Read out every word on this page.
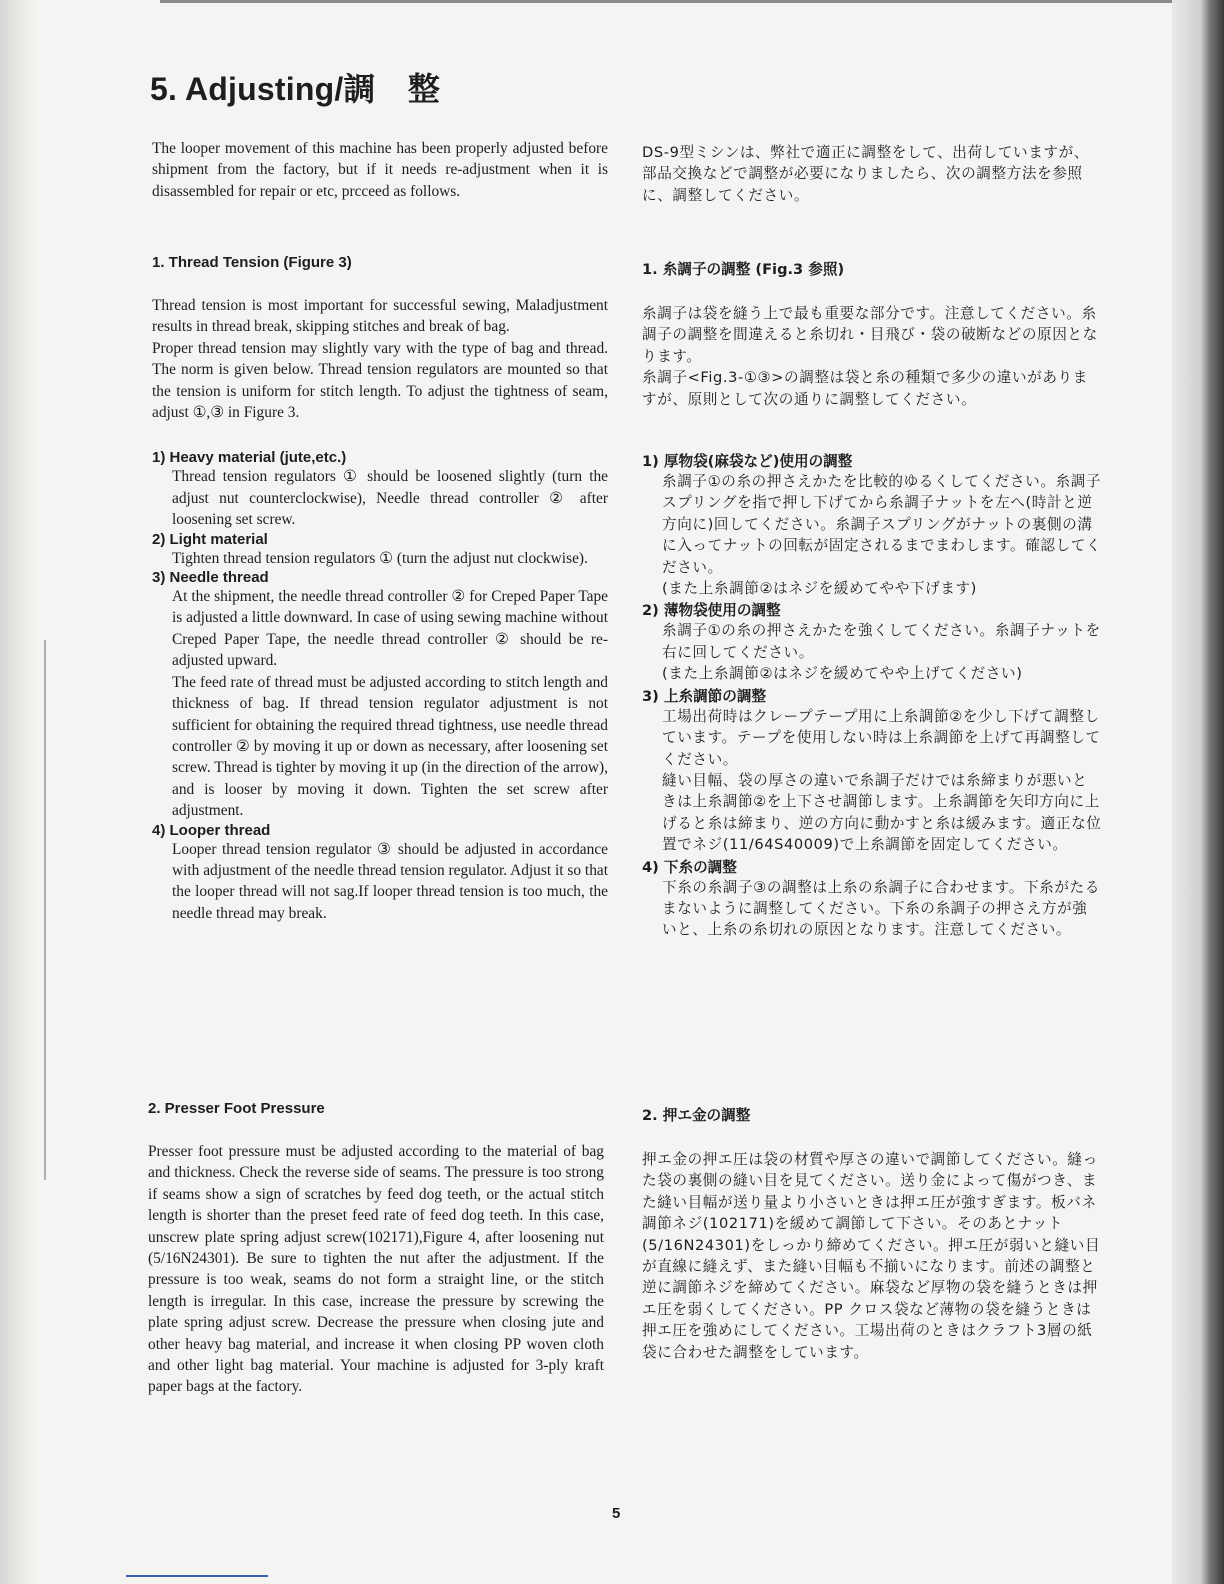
5. Adjusting/調　整

The looper movement of this machine has been properly adjusted before shipment from the factory, but if it needs re-adjustment when it is disassembled for repair or etc, prcceed as follows.

1. Thread Tension (Figure 3)

Thread tension is most important for successful sewing, Maladjustment results in thread break, skipping stitches and break of bag.

Proper thread tension may slightly vary with the type of bag and thread. The norm is given below. Thread tension regulators are mounted so that the tension is uniform for stitch length. To adjust the tightness of seam, adjust ①,③ in Figure 3.

1) Heavy material (jute,etc.)

Thread tension regulators ① should be loosened slightly (turn the adjust nut counterclockwise), Needle thread controller ② after loosening set screw.

2) Light material

Tighten thread tension regulators ① (turn the adjust nut clockwise).

3) Needle thread

At the shipment, the needle thread controller ② for Creped Paper Tape is adjusted a little downward. In case of using sewing machine without Creped Paper Tape, the needle thread controller ② should be re-adjusted upward.

The feed rate of thread must be adjusted according to stitch length and thickness of bag. If thread tension regulator adjustment is not sufficient for obtaining the required thread tightness, use needle thread controller ② by moving it up or down as necessary, after loosening set screw. Thread is tighter by moving it up (in the direction of the arrow), and is looser by moving it down. Tighten the set screw after adjustment.

4) Looper thread

Looper thread tension regulator ③ should be adjusted in accordance with adjustment of the needle thread tension regulator. Adjust it so that the looper thread will not sag.If looper thread tension is too much, the needle thread may break.

2. Presser Foot Pressure

Presser foot pressure must be adjusted according to the material of bag and thickness. Check the reverse side of seams. The pressure is too strong if seams show a sign of scratches by feed dog teeth, or the actual stitch length is shorter than the preset feed rate of feed dog teeth. In this case, unscrew plate spring adjust screw(102171),Figure 4, after loosening nut (5/16N24301). Be sure to tighten the nut after the adjustment. If the pressure is too weak, seams do not form a straight line, or the stitch length is irregular. In this case, increase the pressure by screwing the plate spring adjust screw. Decrease the pressure when closing jute and other heavy bag material, and increase it when closing PP woven cloth and other light bag material. Your machine is adjusted for 3-ply kraft paper bags at the factory.

DS-9型ミシンは、弊社で適正に調整をして、出荷していますが、部品交換などで調整が必要になりましたら、次の調整方法を参照に、調整してください。

1. 糸調子の調整 (Fig.3 参照)

糸調子は袋を縫う上で最も重要な部分です。注意してください。糸調子の調整を間違えると糸切れ・目飛び・袋の破断などの原因となります。

糸調子<Fig.3-①③>の調整は袋と糸の種類で多少の違いがありますが、原則として次の通りに調整してください。

1) 厚物袋(麻袋など)使用の調整

糸調子①の糸の押さえかたを比較的ゆるくしてください。糸調子スプリングを指で押し下げてから糸調子ナットを左へ(時計と逆方向に)回してください。糸調子スプリングがナットの裏側の溝に入ってナットの回転が固定されるまでまわします。確認してください。

(また上糸調節②はネジを緩めてやや下げます)

2) 薄物袋使用の調整

糸調子①の糸の押さえかたを強くしてください。糸調子ナットを右に回してください。

(また上糸調節②はネジを緩めてやや上げてください)

3) 上糸調節の調整

工場出荷時はクレープテープ用に上糸調節②を少し下げて調整しています。テープを使用しない時は上糸調節を上げて再調整してください。

縫い目幅、袋の厚さの違いで糸調子だけでは糸締まりが悪いときは上糸調節②を上下させ調節します。上糸調節を矢印方向に上げると糸は締まり、逆の方向に動かすと糸は緩みます。適正な位置でネジ(11/64S40009)で上糸調節を固定してください。

4) 下糸の調整

下糸の糸調子③の調整は上糸の糸調子に合わせます。下糸がたるまないように調整してください。下糸の糸調子の押さえ方が強いと、上糸の糸切れの原因となります。注意してください。

2. 押エ金の調整

押エ金の押エ圧は袋の材質や厚さの違いで調節してください。縫った袋の裏側の縫い目を見てください。送り金によって傷がつき、また縫い目幅が送り量より小さいときは押エ圧が強すぎます。板バネ調節ネジ(102171)を緩めて調節して下さい。そのあとナット(5/16N24301)をしっかり締めてください。押エ圧が弱いと縫い目が直線に縫えず、また縫い目幅も不揃いになります。前述の調整と逆に調節ネジを締めてください。麻袋など厚物の袋を縫うときは押エ圧を弱くしてください。PP クロス袋など薄物の袋を縫うときは押エ圧を強めにしてください。工場出荷のときはクラフト3層の紙袋に合わせた調整をしています。

5
